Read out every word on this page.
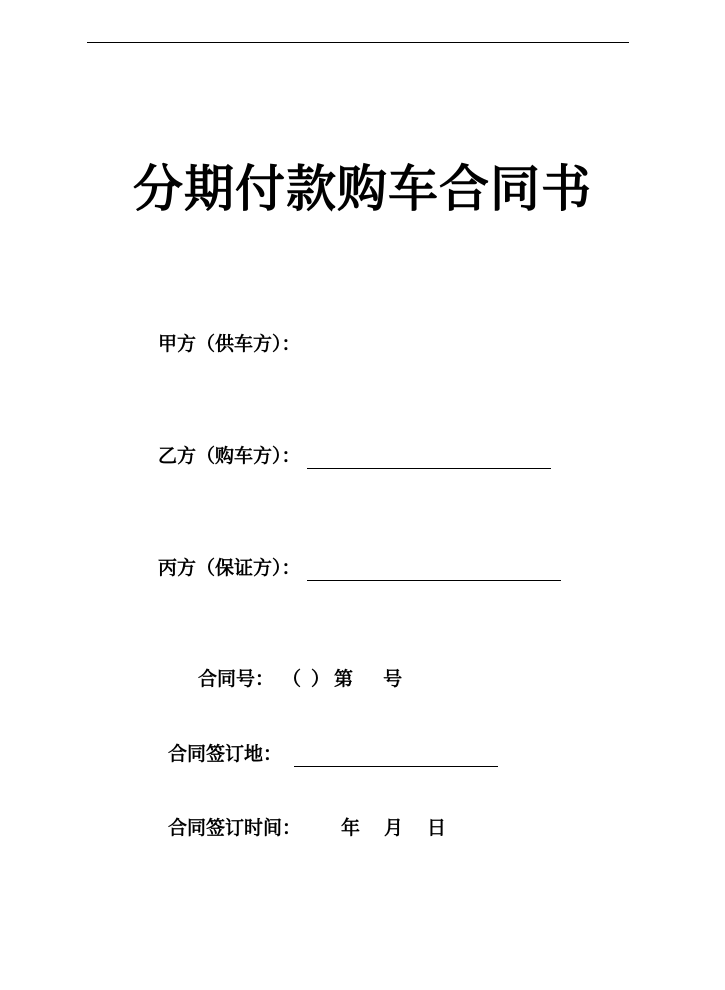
分期付款购车合同书
甲方（供车方）：
乙方（购车方）：
丙方（保证方）：
合同号： （ ） 第 号
合同签订地：
合同签订时间： 年 月 日
